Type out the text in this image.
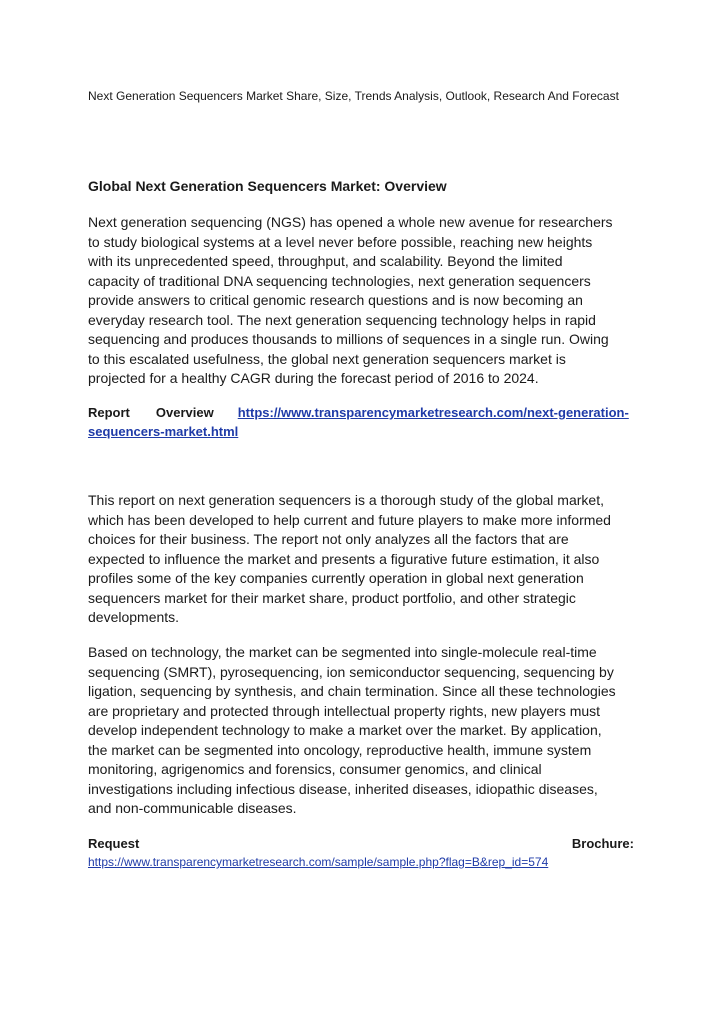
Next Generation Sequencers Market Share, Size, Trends Analysis, Outlook, Research And Forecast
Global Next Generation Sequencers Market: Overview

Next generation sequencing (NGS) has opened a whole new avenue for researchers
to study biological systems at a level never before possible, reaching new heights
with its unprecedented speed, throughput, and scalability. Beyond the limited
capacity of traditional DNA sequencing technologies, next generation sequencers
provide answers to critical genomic research questions and is now becoming an
everyday research tool. The next generation sequencing technology helps in rapid
sequencing and produces thousands to millions of sequences in a single run. Owing
to this escalated usefulness, the global next generation sequencers market is
projected for a healthy CAGR during the forecast period of 2016 to 2024.

Report Overview https://www.transparencymarketresearch.com/next-generation-
sequencers-market.html

This report on next generation sequencers is a thorough study of the global market,
which has been developed to help current and future players to make more informed
choices for their business. The report not only analyzes all the factors that are
expected to influence the market and presents a figurative future estimation, it also
profiles some of the key companies currently operation in global next generation
sequencers market for their market share, product portfolio, and other strategic
developments.

Based on technology, the market can be segmented into single-molecule real-time
sequencing (SMRT), pyrosequencing, ion semiconductor sequencing, sequencing by
ligation, sequencing by synthesis, and chain termination. Since all these technologies
are proprietary and protected through intellectual property rights, new players must
develop independent technology to make a market over the market. By application,
the market can be segmented into oncology, reproductive health, immune system
monitoring, agrigenomics and forensics, consumer genomics, and clinical
investigations including infectious disease, inherited diseases, idiopathic diseases,
and non-communicable diseases.

Request	Brochure:
https://www.transparencymarketresearch.com/sample/sample.php?flag=B&rep_id=574
